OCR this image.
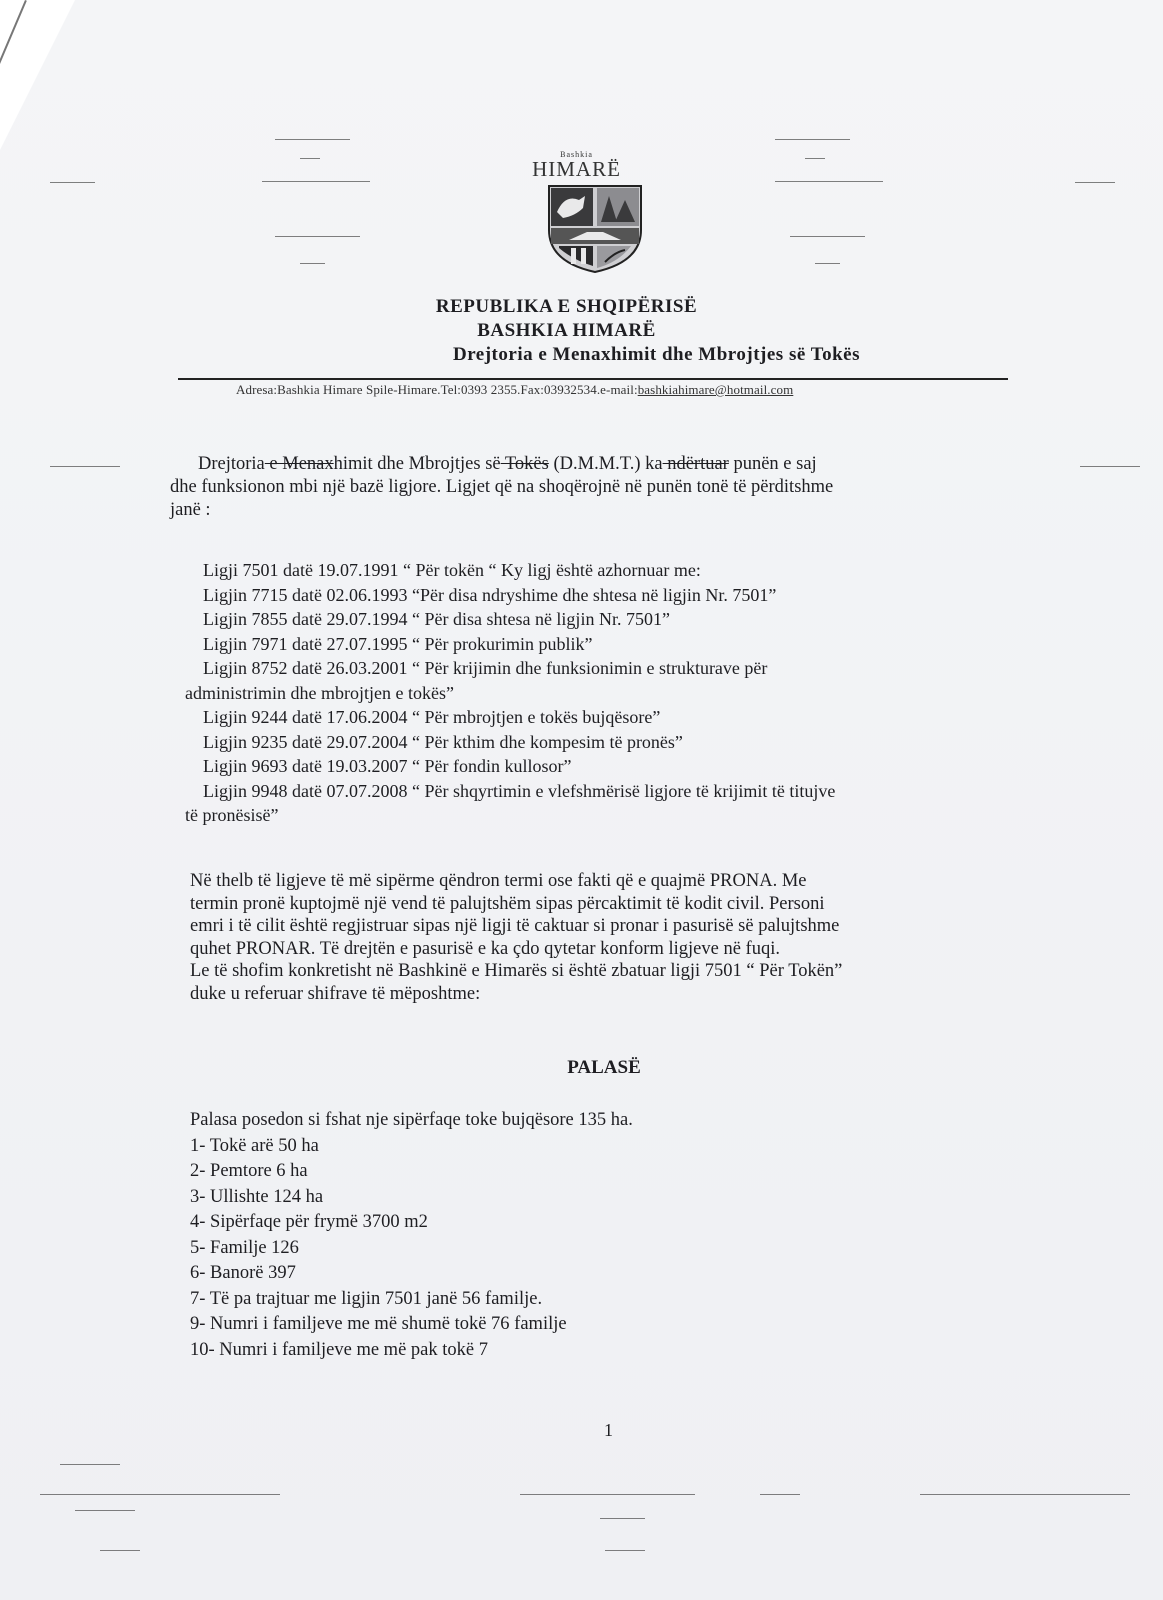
Bashkia
HIMARË
REPUBLIKA E SHQIPËRISË
BASHKIA HIMARË
Drejtoria e Menaxhimit dhe Mbrojtjes së Tokës
Adresa:Bashkia Himare Spile-Himare.Tel:0393 2355.Fax:03932534.e-mail:bashkiahimare@hotmail.com
Drejtoria e Menaxhimit dhe Mbrojtjes së Tokës (D.M.M.T.) ka ndërtuar punën e saj
dhe funksionon mbi një bazë ligjore. Ligjet që na shoqërojnë në punën tonë të përditshme
janë :
Ligji 7501 datë 19.07.1991 “ Për tokën “ Ky ligj është azhornuar me:
Ligjin 7715 datë 02.06.1993 “Për disa ndryshime dhe shtesa në ligjin Nr. 7501”
Ligjin 7855 datë 29.07.1994 “ Për disa shtesa në ligjin Nr. 7501”
Ligjin 7971 datë 27.07.1995 “ Për prokurimin publik”
Ligjin 8752 datë 26.03.2001 “ Për krijimin dhe funksionimin e strukturave për
administrimin dhe mbrojtjen e tokës”
Ligjin 9244 datë 17.06.2004 “ Për mbrojtjen e tokës bujqësore”
Ligjin 9235 datë 29.07.2004 “ Për kthim dhe kompesim të pronës”
Ligjin 9693 datë 19.03.2007 “ Për fondin kullosor”
Ligjin 9948 datë 07.07.2008 “ Për shqyrtimin e vlefshmërisë ligjore të krijimit të titujve
të pronësisë”
Në thelb të ligjeve të më sipërme qëndron termi ose fakti që e quajmë PRONA. Me
termin pronë kuptojmë një vend të palujtshëm sipas përcaktimit të kodit civil. Personi
emri i të cilit është regjistruar sipas një ligji të caktuar si pronar i pasurisë së palujtshme
quhet PRONAR. Të drejtën e pasurisë e ka çdo qytetar konform ligjeve në fuqi.
Le të shofim konkretisht në Bashkinë e Himarës si është zbatuar ligji 7501 “ Për Tokën”
duke u referuar shifrave të mëposhtme:
PALASË
Palasa posedon si fshat nje sipërfaqe toke bujqësore 135 ha.
1- Tokë arë 50 ha
2- Pemtore 6 ha
3- Ullishte 124 ha
4- Sipërfaqe për frymë 3700 m2
5- Familje 126
6- Banorë 397
7- Të pa trajtuar me ligjin 7501 janë 56 familje.
9- Numri i familjeve me më shumë tokë 76 familje
10- Numri i familjeve me më pak tokë 7
1
